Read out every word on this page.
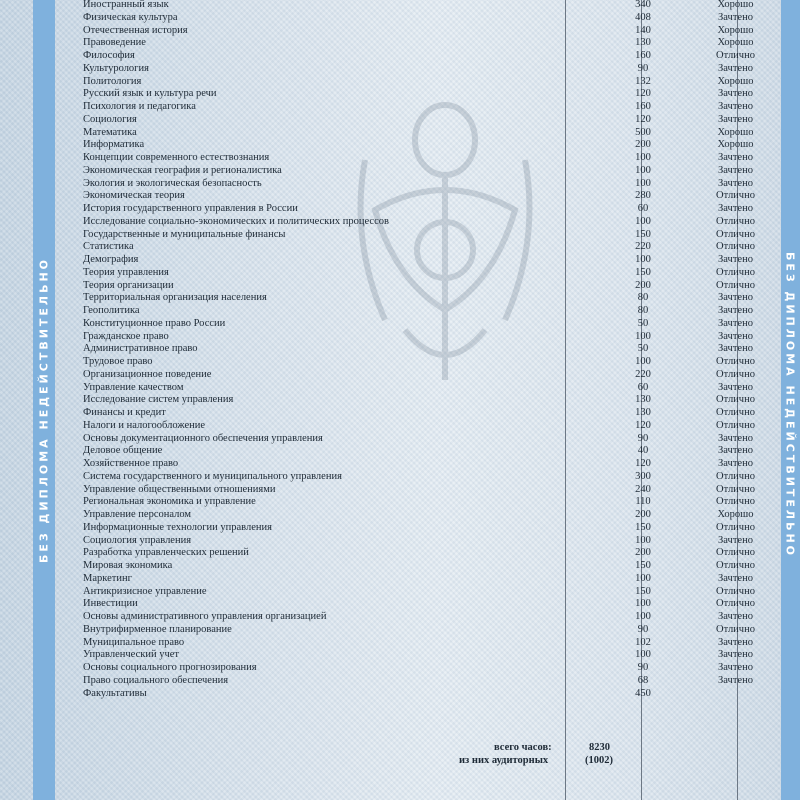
БЕЗ ДИПЛОМА НЕДЕЙСТВИТЕЛЬНО	БЕЗ ДИПЛОМА НЕДЕЙСТВИТЕЛЬНО
Иностранный язык	340	Хорошо
Физическая культура	408	Зачтено
Отечественная история	140	Хорошо
Правоведение	130	Хорошо
Философия	160	Отлично
Культурология	90	Зачтено
Политология	132	Хорошо
Русский язык и культура речи	120	Зачтено
Психология и педагогика	160	Зачтено
Социология	120	Зачтено
Математика	500	Хорошо
Информатика	200	Хорошо
Концепции современного естествознания	100	Зачтено
Экономическая география и регионалистика	100	Зачтено
Экология и экологическая безопасность	100	Зачтено
Экономическая теория	280	Отлично
История государственного управления в России	60	Зачтено
Исследование социально-экономических и политических процессов	100	Отлично
Государственные и муниципальные финансы	150	Отлично
Статистика	220	Отлично
Демография	100	Зачтено
Теория управления	150	Отлично
Теория организации	200	Отлично
Территориальная организация населения	80	Зачтено
Геополитика	80	Зачтено
Конституционное право России	50	Зачтено
Гражданское право	100	Зачтено
Административное право	50	Зачтено
Трудовое право	100	Отлично
Организационное поведение	220	Отлично
Управление качеством	60	Зачтено
Исследование систем управления	130	Отлично
Финансы и кредит	130	Отлично
Налоги и налогообложение	120	Отлично
Основы документационного обеспечения управления	90	Зачтено
Деловое общение	40	Зачтено
Хозяйственное право	120	Зачтено
Система государственного и муниципального управления	300	Отлично
Управление общественными отношениями	240	Отлично
Региональная экономика и управление	110	Отлично
Управление персоналом	200	Хорошо
Информационные технологии управления	150	Отлично
Социология управления	100	Зачтено
Разработка управленческих решений	200	Отлично
Мировая экономика	150	Отлично
Маркетинг	100	Зачтено
Антикризисное управление	150	Отлично
Инвестиции	100	Отлично
Основы административного управления организацией	100	Зачтено
Внутрифирменное планирование	90	Отлично
Муниципальное право	102	Зачтено
Управленческий учет	100	Зачтено
Основы социального прогнозирования	90	Зачтено
Право социального обеспечения	68	Зачтено
Факультативы	450
всего часов:	8230
из них аудиторных	(1002)
